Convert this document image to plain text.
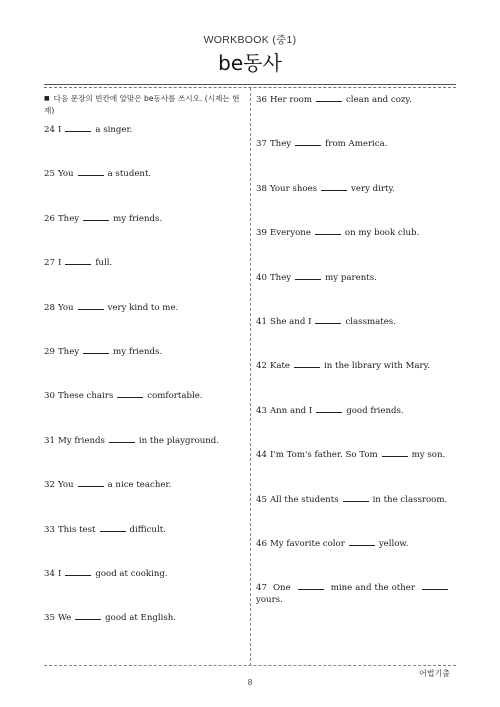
WORKBOOK (중1)
be동사
■ 다음 문장의 빈칸에 알맞은 be동사를 쓰시오. (시제는 현재)
24 I	a singer.
25 You	a student.
26 They	my friends.
27 I	full.
28 You	very kind to me.
29 They	my friends.
30 These chairs	comfortable.
31 My friends	in the playground.
32 You	a nice teacher.
33 This test	difficult.
34 I	good at cooking.
35 We	good at English.
36 Her room	clean and cozy.
37 They	from America.
38 Your shoes	very dirty.
39 Everyone	on my book club.
40 They	my parents.
41 She and I	classmates.
42 Kate	in the library with Mary.
43 Ann and I	good friends.
44 I'm Tom's father. So Tom	my son.
45 All the students	in the classroom.
46 My favorite color	yellow.
47 One	mine and the other  yours.
8
어법기출
